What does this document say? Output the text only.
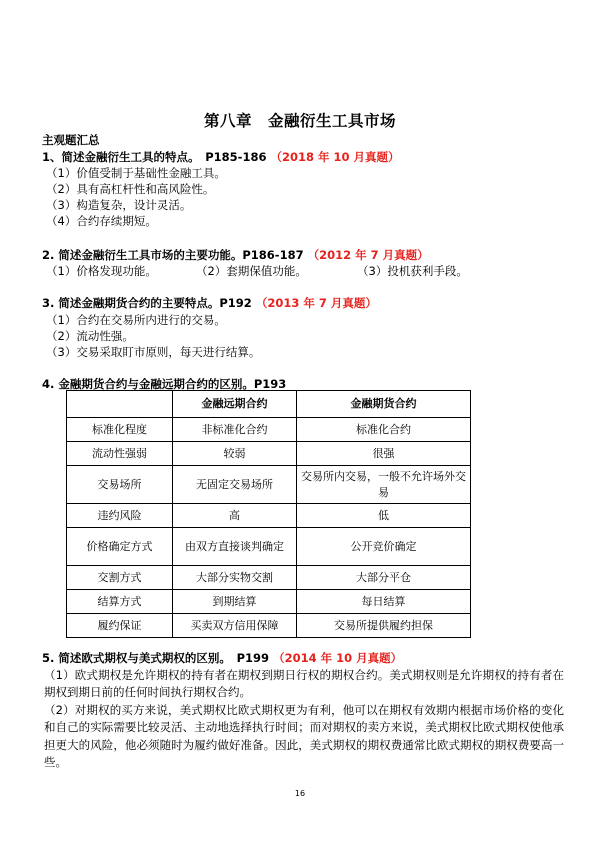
第八章　金融衍生工具市场
主观题汇总
1、简述金融衍生工具的特点。　P185-186 （2018 年 10 月真题）
（1）价值受制于基础性金融工具。
（2）具有高杠杆性和高风险性。
（3）构造复杂，设计灵活。
（4）合约存续期短。
2. 简述金融衍生工具市场的主要功能。P186-187 （2012 年 7 月真题）
（1）价格发现功能。	（2）套期保值功能。	（3）投机获利手段。
3. 简述金融期货合约的主要特点。P192 （2013 年 7 月真题）
（1）合约在交易所内进行的交易。
（2）流动性强。
（3）交易采取盯市原则，每天进行结算。
4. 金融期货合约与金融远期合约的区别。P193
	金融远期合约	金融期货合约
标准化程度	非标准化合约	标准化合约
流动性强弱	较弱	很强
交易场所	无固定交易场所	交易所内交易，一般不允许场外交易
违约风险	高	低
价格确定方式	由双方直接谈判确定	公开竞价确定
交割方式	大部分实物交割	大部分平仓
结算方式	到期结算	每日结算
履约保证	买卖双方信用保障	交易所提供履约担保
5. 简述欧式期权与美式期权的区别。　P199 （2014 年 10 月真题）
（1）欧式期权是允许期权的持有者在期权到期日行权的期权合约。美式期权则是允许期权的持有者在期权到期日前的任何时间执行期权合约。
（2）对期权的买方来说，美式期权比欧式期权更为有利，他可以在期权有效期内根据市场价格的变化和自己的实际需要比较灵活、主动地选择执行时间；而对期权的卖方来说，美式期权比欧式期权使他承担更大的风险，他必须随时为履约做好准备。因此，美式期权的期权费通常比欧式期权的期权费要高一些。
16
